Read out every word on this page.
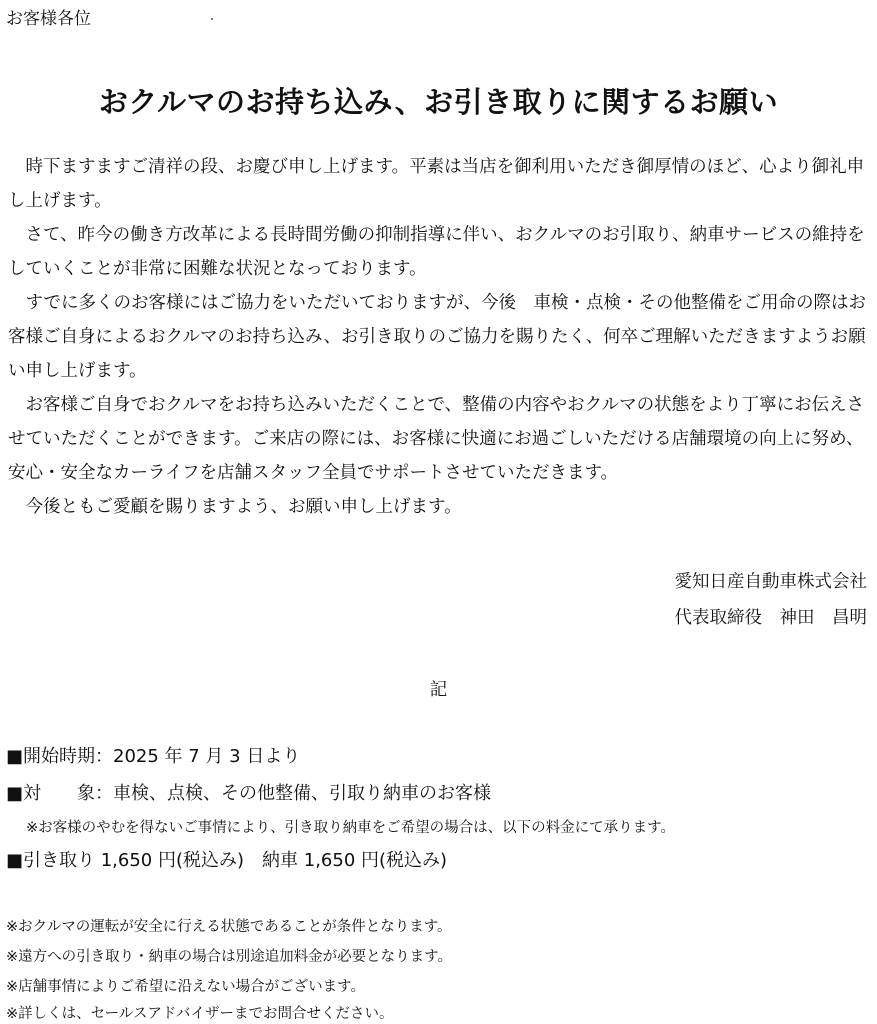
お客様各位
おクルマのお持ち込み、お引き取りに関するお願い

　時下ますますご清祥の段、お慶び申し上げます。平素は当店を御利用いただき御厚情のほど、心より御礼申し上げます。

　さて、昨今の働き方改革による長時間労働の抑制指導に伴い、おクルマのお引取り、納車サービスの維持をしていくことが非常に困難な状況となっております。

　すでに多くのお客様にはご協力をいただいておりますが、今後　車検・点検・その他整備をご用命の際はお客様ご自身によるおクルマのお持ち込み、お引き取りのご協力を賜りたく、何卒ご理解いただきますようお願い申し上げます。

　お客様ご自身でおクルマをお持ち込みいただくことで、整備の内容やおクルマの状態をより丁寧にお伝えさせていただくことができます。ご来店の際には、お客様に快適にお過ごしいただける店舗環境の向上に努め、安心・安全なカーライフを店舗スタッフ全員でサポートさせていただきます。

　今後ともご愛顧を賜りますよう、お願い申し上げます。

愛知日産自動車株式会社
代表取締役　神田　昌明
記
■開始時期：2025 年 7 月 3 日より
■対　　象：車検、点検、その他整備、引取り納車のお客様
※お客様のやむを得ないご事情により、引き取り納車をご希望の場合は、以下の料金にて承ります。
■引き取り 1,650 円(税込み)　納車 1,650 円(税込み)
※おクルマの運転が安全に行える状態であることが条件となります。
※遠方への引き取り・納車の場合は別途追加料金が必要となります。
※店舗事情によりご希望に沿えない場合がございます。
※詳しくは、セールスアドバイザーまでお問合せください。
